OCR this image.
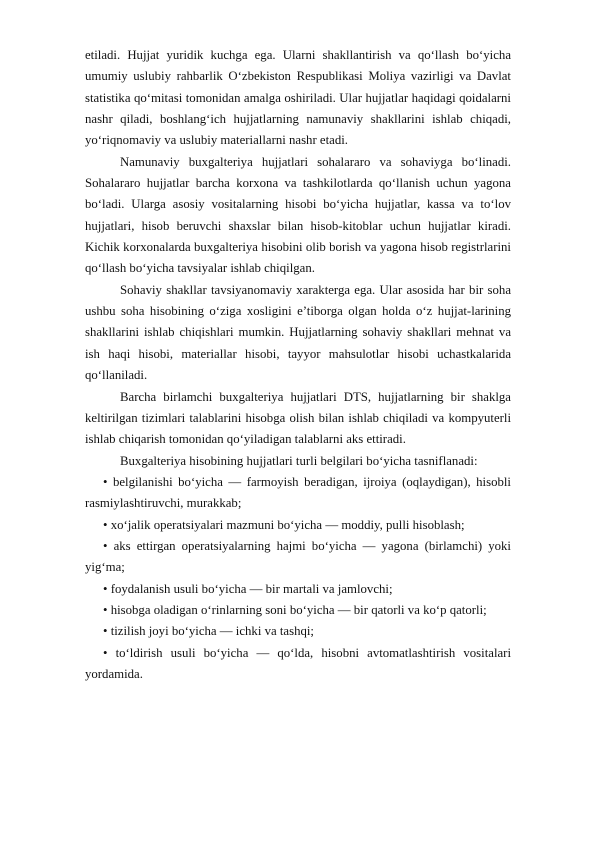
etiladi. Hujjat yuridik kuchga ega. Ularni shakllantirish va qo‘llash bo‘yicha umumiy uslubiy rahbarlik O‘zbekiston Respublikasi Moliya vazirligi va Davlat statistika qo‘mitasi tomonidan amalga oshiriladi. Ular hujjatlar haqidagi qoidalarni nashr qiladi, boshlang‘ich hujjatlarning namunaviy shakllarini ishlab chiqadi, yo‘riqnomaviy va uslubiy materiallarni nashr etadi.

Namunaviy buxgalteriya hujjatlari sohalararo va sohaviyga bo‘linadi. Sohalararo hujjatlar barcha korxona va tashkilotlarda qo‘llanish uchun yagona bo‘ladi. Ularga asosiy vositalarning hisobi bo‘yicha hujjatlar, kassa va to‘lov hujjatlari, hisob beruvchi shaxslar bilan hisob-kitoblar uchun hujjatlar kiradi. Kichik korxonalarda buxgalteriya hisobini olib borish va yagona hisob registrlarini qo‘llash bo‘yicha tavsiyalar ishlab chiqilgan.

Sohaviy shakllar tavsiyanomaviy xarakterga ega. Ular asosida har bir soha ushbu soha hisobining o‘ziga xosligini e’tiborga olgan holda o‘z hujjat-larining shakllarini ishlab chiqishlari mumkin. Hujjatlarning sohaviy shakllari mehnat va ish haqi hisobi, materiallar hisobi, tayyor mahsulotlar hisobi uchastkalarida qo‘llaniladi.

Barcha birlamchi buxgalteriya hujjatlari DTS, hujjatlarning bir shaklga keltirilgan tizimlari talablarini hisobga olish bilan ishlab chiqiladi va kompyuterli ishlab chiqarish tomonidan qo‘yiladigan talablarni aks ettiradi.

Buxgalteriya hisobining hujjatlari turli belgilari bo‘yicha tasniflanadi:

• belgilanishi bo‘yicha — farmoyish beradigan, ijroiya (oqlaydigan), hisobli rasmiylashtiruvchi, murakkab;

• xo‘jalik operatsiyalari mazmuni bo‘yicha — moddiy, pulli hisoblash;

• aks ettirgan operatsiyalarning hajmi bo‘yicha — yagona (birlamchi) yoki yig‘ma;

• foydalanish usuli bo‘yicha — bir martali va jamlovchi;

• hisobga oladigan o‘rinlarning soni bo‘yicha — bir qatorli va ko‘p qatorli;

• tizilish joyi bo‘yicha — ichki va tashqi;

• to‘ldirish usuli bo‘yicha — qo‘lda, hisobni avtomatlashtirish vositalari yordamida.
